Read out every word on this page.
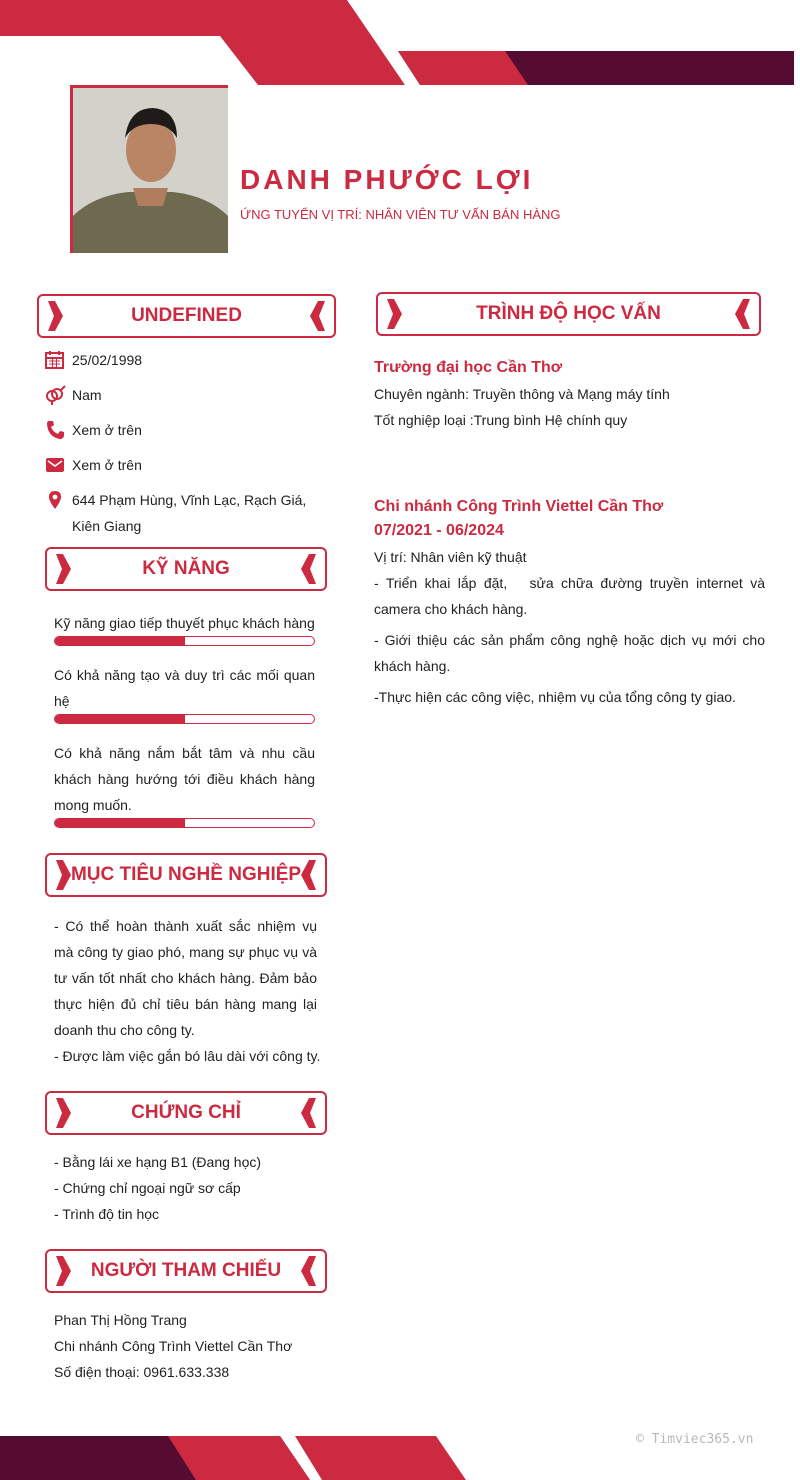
DANH PHƯỚC LỢI
ỨNG TUYỂN VỊ TRÍ: NHÂN VIÊN TƯ VẤN BÁN HÀNG
UNDEFINED
25/02/1998
Nam
Xem ở trên
Xem ở trên
644 Phạm Hùng, Vĩnh Lạc, Rạch Giá, Kiên Giang
KỸ NĂNG
Kỹ năng giao tiếp thuyết phục khách hàng
Có khả năng tạo và duy trì các mối quan hệ
Có khả năng nắm bắt tâm và nhu cầu khách hàng hướng tới điều khách hàng mong muốn.
MỤC TIÊU NGHỀ NGHIỆP
- Có thể hoàn thành xuất sắc nhiệm vụ mà công ty giao phó, mang sự phục vụ và tư vấn tốt nhất cho khách hàng. Đảm bảo thực hiện đủ chỉ tiêu bán hàng mang lại doanh thu cho công ty.
- Được làm việc gắn bó lâu dài với công ty.
CHỨNG CHỈ
- Bằng lái xe hạng B1 (Đang học)
- Chứng chỉ ngoại ngữ sơ cấp
- Trình độ tin học
NGƯỜI THAM CHIẾU
Phan Thị Hồng Trang
Chi nhánh Công Trình Viettel Cần Thơ
Số điện thoại: 0961.633.338
TRÌNH ĐỘ HỌC VẤN
Trường đại học Cần Thơ
Chuyên ngành: Truyền thông và Mạng máy tính
Tốt nghiệp loại :Trung bình Hệ chính quy
Chi nhánh Công Trình Viettel Cần Thơ
07/2021 - 06/2024
Vị trí: Nhân viên kỹ thuật
- Triển khai lắp đặt,   sửa chữa đường truyền internet và camera cho khách hàng.
- Giới thiệu các sản phẩm công nghệ hoặc dịch vụ mới cho khách hàng.
-Thực hiện các công việc, nhiệm vụ của tổng công ty giao.
© Timviec365.vn
